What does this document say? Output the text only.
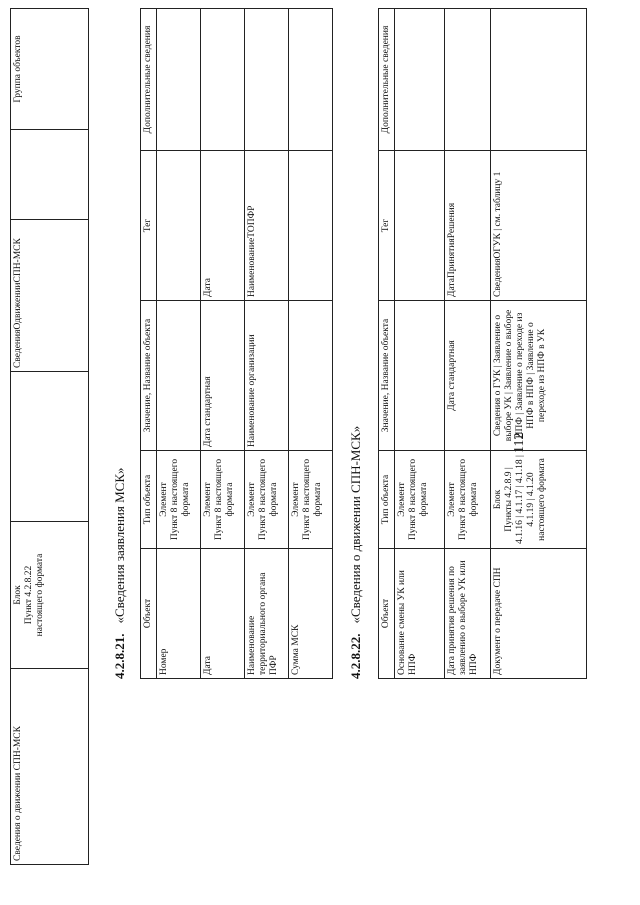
112
Сведения о движении СПН-МСК	Блок
Пункт 4.2.8.22
настоящего формата		СведенияОдвиженииСПН-МСК		Группа объектов
4.2.8.21.«Сведения заявления МСК» Объект	Тип объекта	Значение, Название объекта	Тег	Дополнительные сведения
Номер	Элемент
Пункт 8 настоящего формата			
Дата	Элемент
Пункт 8 настоящего формата	Дата стандартная	Дата	
Наименование территориального органа ПФР	Элемент
Пункт 8 настоящего формата	Наименование организации	НаименованиеТОПФР	
Сумма МСК	Элемент
Пункт 8 настоящего формата			
4.2.8.22.«Сведения о движении СПН-МСК» Объект	Тип объекта	Значение, Название объекта	Тег	Дополнительные сведения
Основание смены УК или НПФ	Элемент
Пункт 8 настоящего формата			
Дата принятия решения по заявлению о выборе УК или НПФ	Элемент
Пункт 8 настоящего формата	Дата стандартная	ДатаПринятияРешения	
Документ о передаче СПН	Блок
Пункты 4.2.8.9 |
4.1.16 | 4.1.17 | 4.1.18 |
4.1.19 | 4.1.20
настоящего формата	Сведения о ГУК | Заявление о выборе УК | Заявление о выборе НПФ | Заявление о переходе из НПФ в НПФ | Заявление о переходе из НПФ в УК	СведенияОГУК | см. таблицу 1	
